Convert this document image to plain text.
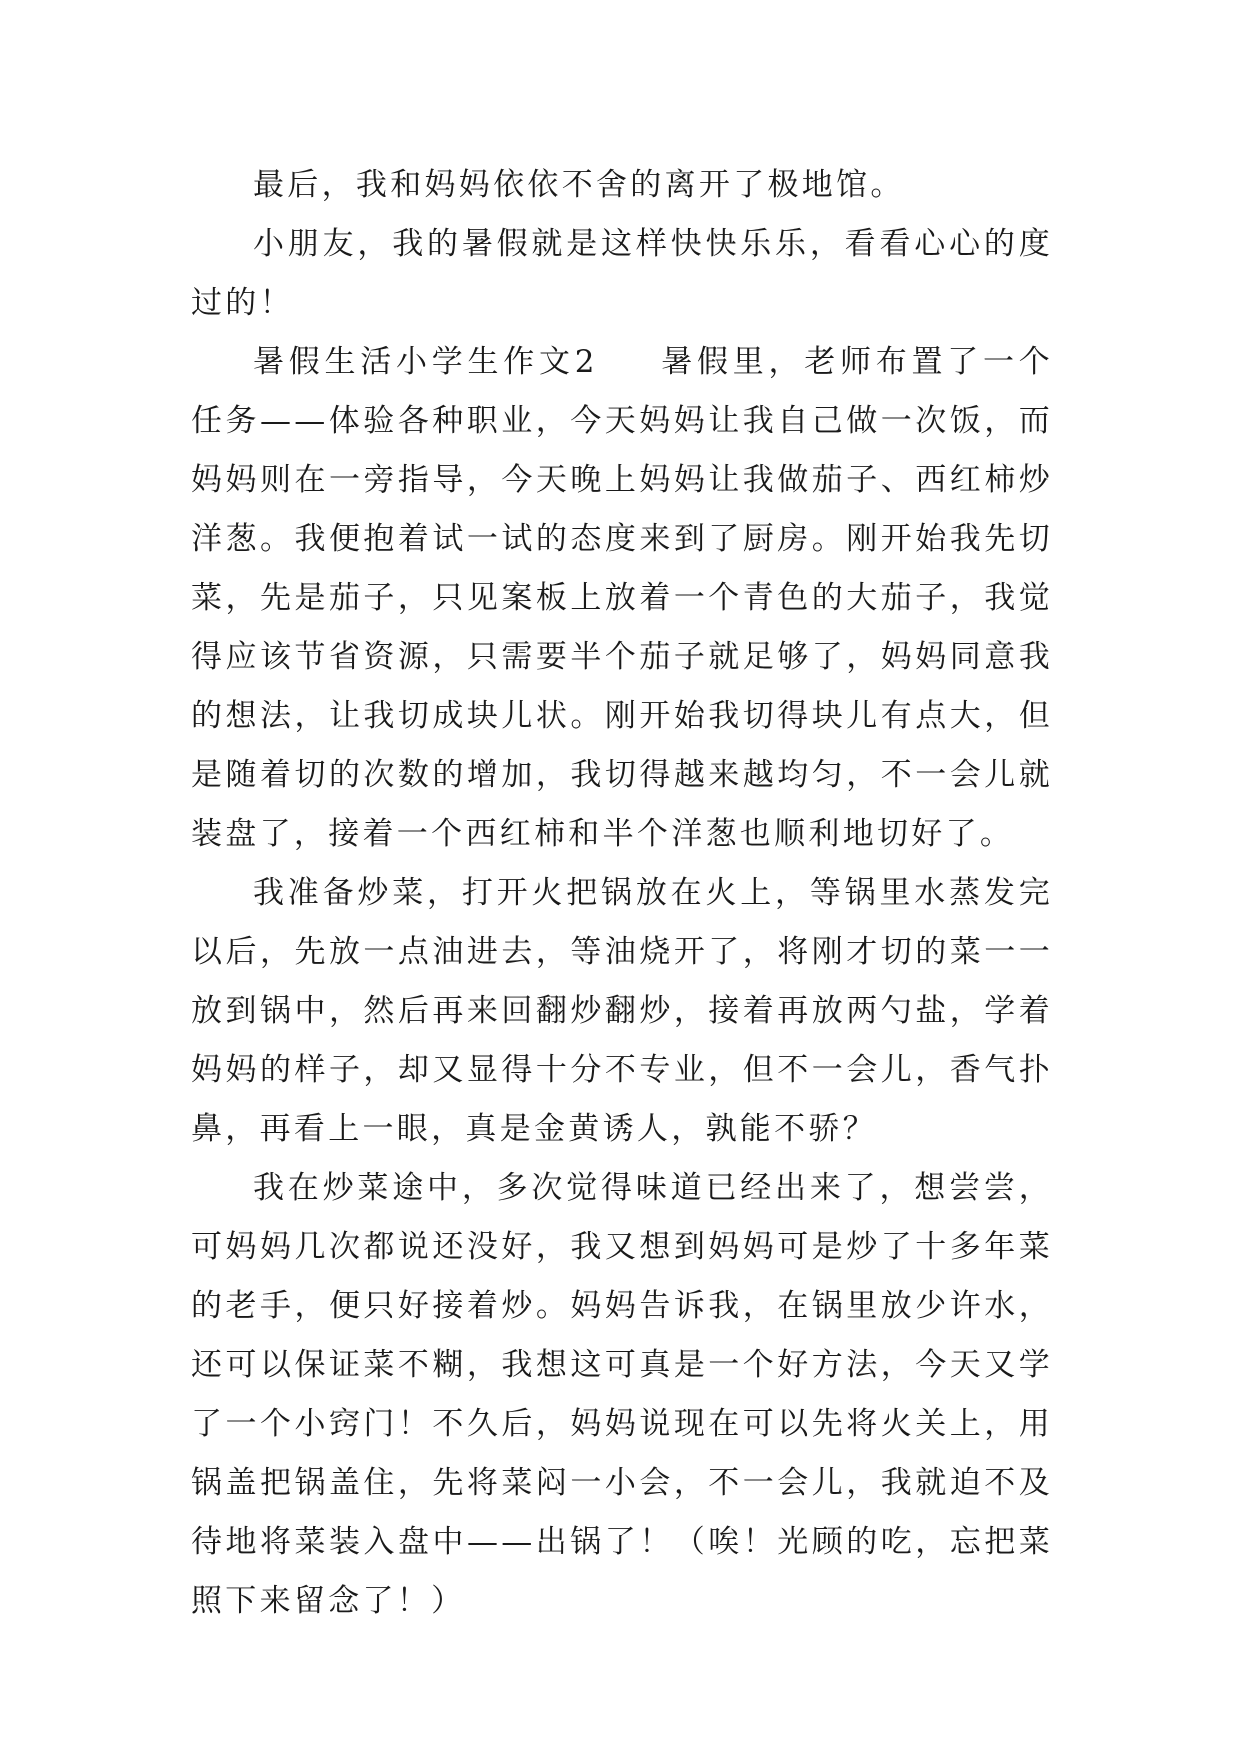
最后，我和妈妈依依不舍的离开了极地馆。

小朋友，我的暑假就是这样快快乐乐，看看心心的度过的！

暑假生活小学生作文2 暑假里，老师布置了一个任务——体验各种职业，今天妈妈让我自己做一次饭，而妈妈则在一旁指导，今天晚上妈妈让我做茄子、西红柿炒洋葱。我便抱着试一试的态度来到了厨房。刚开始我先切菜，先是茄子，只见案板上放着一个青色的大茄子，我觉得应该节省资源，只需要半个茄子就足够了，妈妈同意我的想法，让我切成块儿状。刚开始我切得块儿有点大，但是随着切的次数的增加，我切得越来越均匀，不一会儿就装盘了，接着一个西红柿和半个洋葱也顺利地切好了。

我准备炒菜，打开火把锅放在火上，等锅里水蒸发完以后，先放一点油进去，等油烧开了，将刚才切的菜一一放到锅中，然后再来回翻炒翻炒，接着再放两勺盐，学着妈妈的样子，却又显得十分不专业，但不一会儿，香气扑鼻，再看上一眼，真是金黄诱人，孰能不骄？

我在炒菜途中，多次觉得味道已经出来了，想尝尝，可妈妈几次都说还没好，我又想到妈妈可是炒了十多年菜的老手，便只好接着炒。妈妈告诉我，在锅里放少许水，还可以保证菜不糊，我想这可真是一个好方法，今天又学了一个小窍门！不久后，妈妈说现在可以先将火关上，用锅盖把锅盖住，先将菜闷一小会，不一会儿，我就迫不及待地将菜装入盘中——出锅了！（唉！光顾的吃，忘把菜照下来留念了！）
